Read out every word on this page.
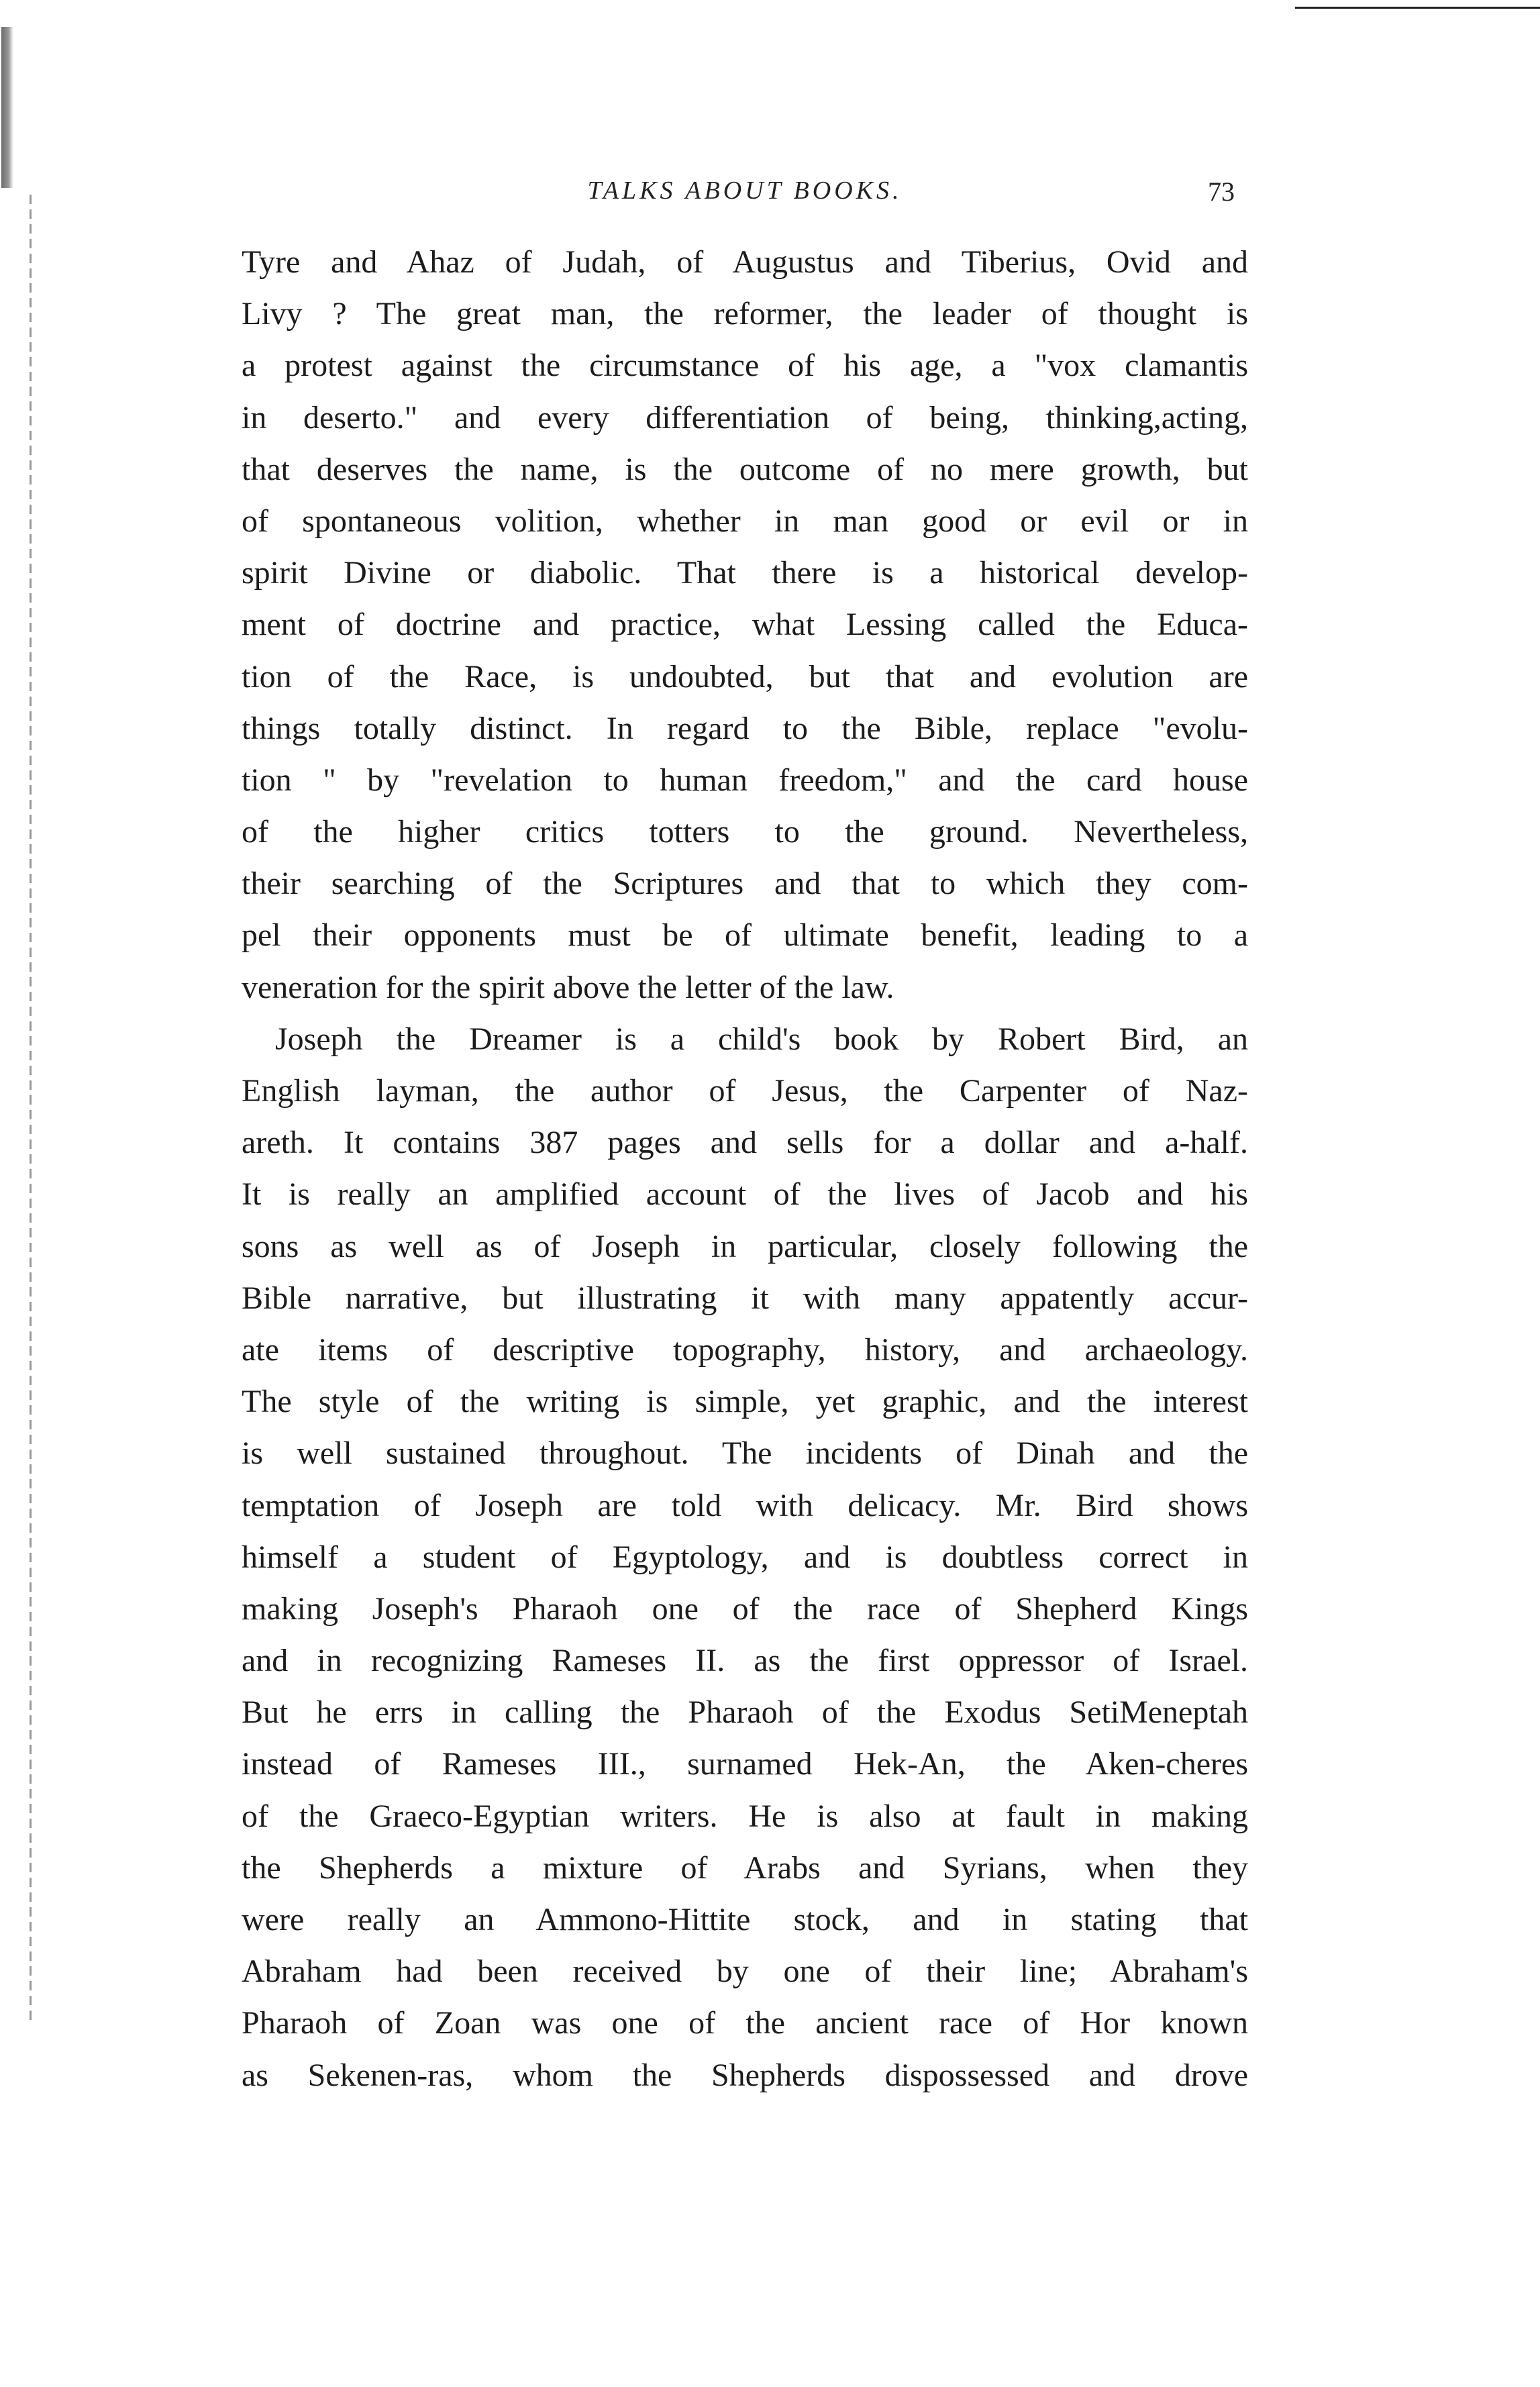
TALKS ABOUT BOOKS.	73
Tyre and Ahaz of Judah, of Augustus and Tiberius, Ovid and
Livy ? The great man, the reformer, the leader of thought is
a protest against the circumstance of his age, a "vox clamantis
in deserto." and every differentiation of being, thinking,acting,
that deserves the name, is the outcome of no mere growth, but
of spontaneous volition, whether in man good or evil or in
spirit Divine or diabolic. That there is a historical develop-
ment of doctrine and practice, what Lessing called the Educa-
tion of the Race, is undoubted, but that and evolution are
things totally distinct. In regard to the Bible, replace "evolu-
tion " by "revelation to human freedom," and the card house
of the higher critics totters to the ground. Nevertheless,
their searching of the Scriptures and that to which they com-
pel their opponents must be of ultimate benefit, leading to a
veneration for the spirit above the letter of the law.
Joseph the Dreamer is a child's book by Robert Bird, an
English layman, the author of Jesus, the Carpenter of Naz-
areth. It contains 387 pages and sells for a dollar and a-half.
It is really an amplified account of the lives of Jacob and his
sons as well as of Joseph in particular, closely following the
Bible narrative, but illustrating it with many appatently accur-
ate items of descriptive topography, history, and archaeology.
The style of the writing is simple, yet graphic, and the interest
is well sustained throughout. The incidents of Dinah and the
temptation of Joseph are told with delicacy. Mr. Bird shows
himself a student of Egyptology, and is doubtless correct in
making Joseph's Pharaoh one of the race of Shepherd Kings
and in recognizing Rameses II. as the first oppressor of Israel.
But he errs in calling the Pharaoh of the Exodus SetiMeneptah
instead of Rameses III., surnamed Hek-An, the Aken-cheres
of the Graeco-Egyptian writers. He is also at fault in making
the Shepherds a mixture of Arabs and Syrians, when they
were really an Ammono-Hittite stock, and in stating that
Abraham had been received by one of their line; Abraham's
Pharaoh of Zoan was one of the ancient race of Hor known
as Sekenen-ras, whom the Shepherds dispossessed and drove
